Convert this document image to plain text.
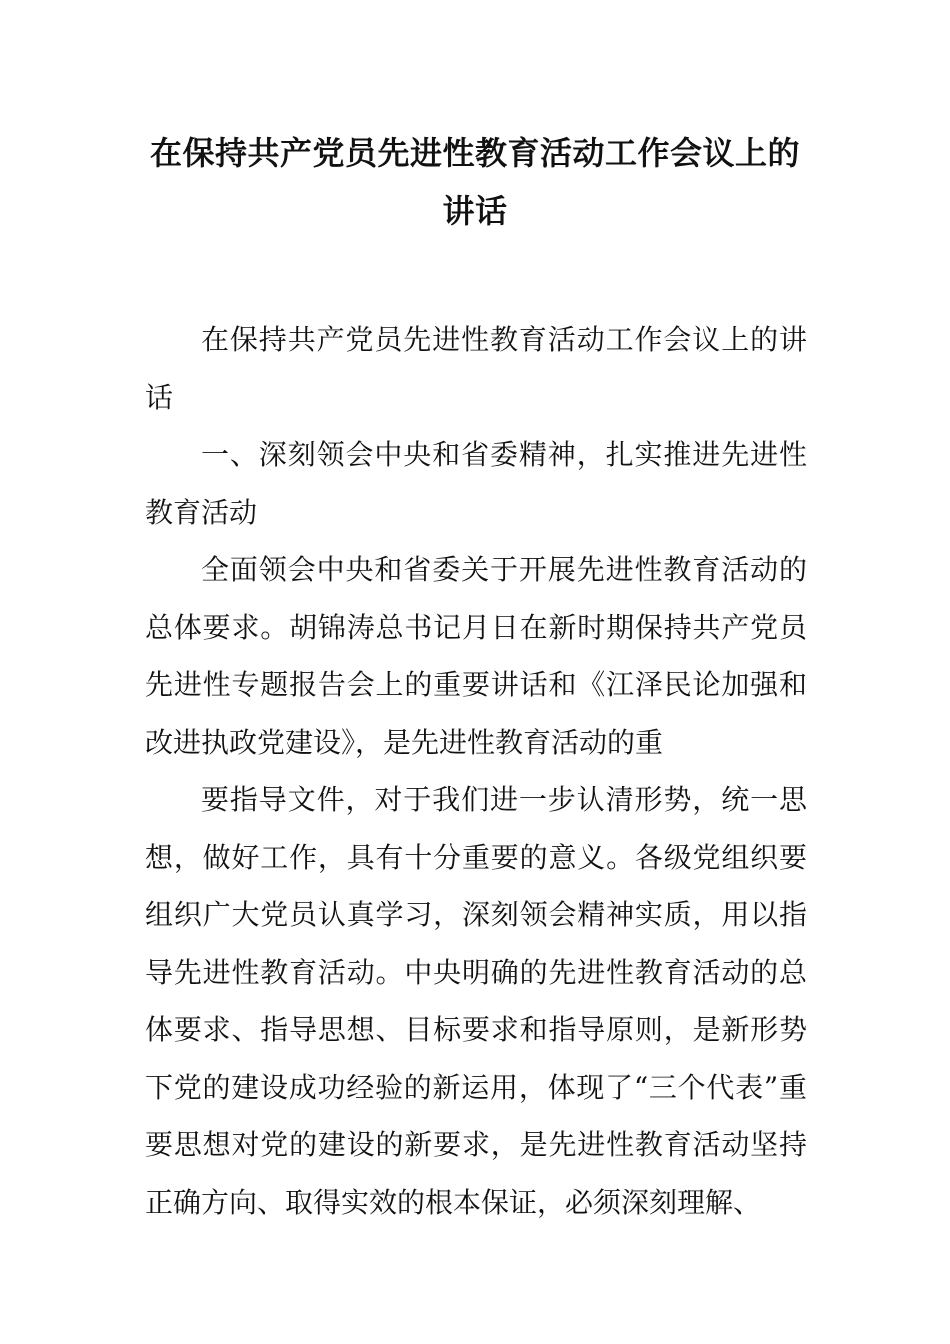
在保持共产党员先进性教育活动工作会议上的讲话

在保持共产党员先进性教育活动工作会议上的讲话

一、深刻领会中央和省委精神，扎实推进先进性教育活动

全面领会中央和省委关于开展先进性教育活动的总体要求。胡锦涛总书记月日在新时期保持共产党员先进性专题报告会上的重要讲话和《江泽民论加强和改进执政党建设》，是先进性教育活动的重

要指导文件，对于我们进一步认清形势，统一思想，做好工作，具有十分重要的意义。各级党组织要组织广大党员认真学习，深刻领会精神实质，用以指导先进性教育活动。中央明确的先进性教育活动的总体要求、指导思想、目标要求和指导原则，是新形势下党的建设成功经验的新运用，体现了“三个代表”重要思想对党的建设的新要求，是先进性教育活动坚持正确方向、取得实效的根本保证，必须深刻理解、
